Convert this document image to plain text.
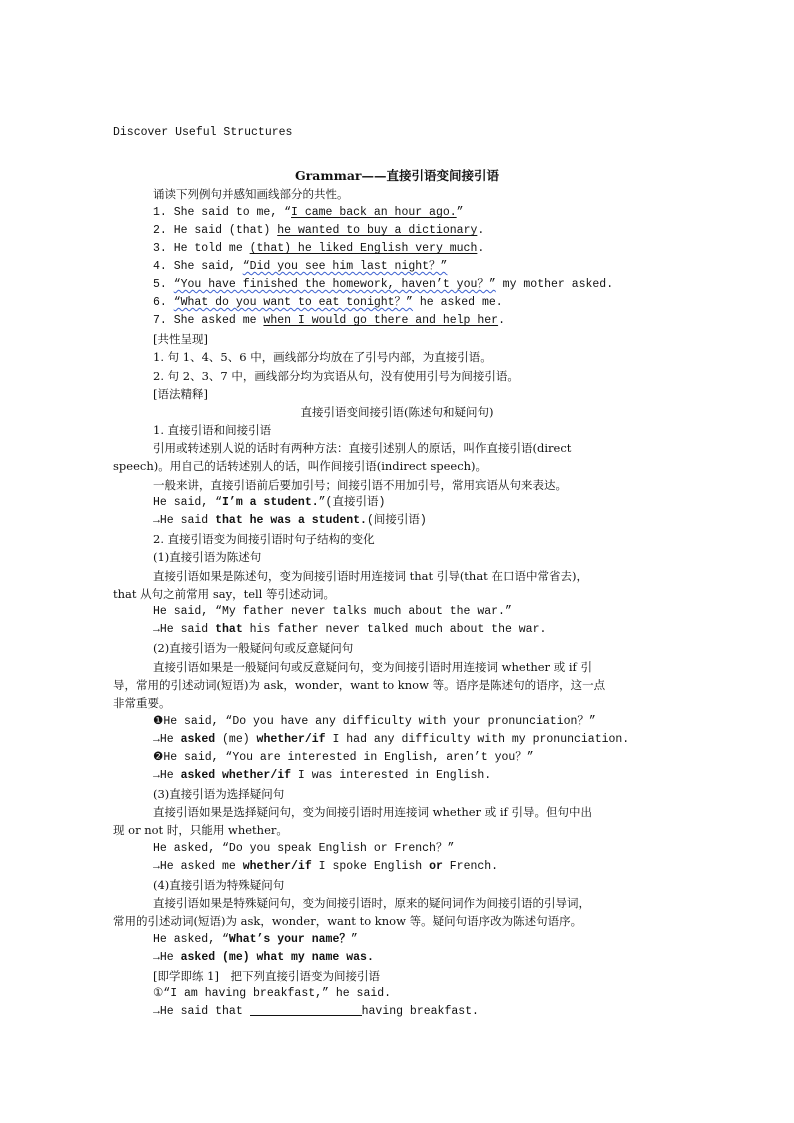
Discover Useful Structures
Grammar——直接引语变间接引语
诵读下列例句并感知画线部分的共性。
1. She said to me, “I came back an hour ago.”
2. He said (that) he wanted to buy a dictionary.
3. He told me (that) he liked English very much.
4. She said, “Did you see him last night？”
5. “You have finished the homework, haven’t you？” my mother asked.
6. “What do you want to eat tonight？” he asked me.
7. She asked me when I would go there and help her.
[共性呈现]
1. 句 1、4、5、6 中，画线部分均放在了引号内部，为直接引语。
2. 句 2、3、7 中，画线部分均为宾语从句，没有使用引号为间接引语。
[语法精释]
直接引语变间接引语(陈述句和疑问句)
1. 直接引语和间接引语
引用或转述别人说的话时有两种方法：直接引述别人的原话，叫作直接引语(direct
speech)。用自己的话转述别人的话，叫作间接引语(indirect speech)。
一般来讲，直接引语前后要加引号；间接引语不用加引号，常用宾语从句来表达。
He said, “I’m a student.”(直接引语)
→He said that he was a student.(间接引语)
2. 直接引语变为间接引语时句子结构的变化
(1)直接引语为陈述句
直接引语如果是陈述句，变为间接引语时用连接词 that 引导(that 在口语中常省去)，
that 从句之前常用 say，tell 等引述动词。
He said, “My father never talks much about the war.”
→He said that his father never talked much about the war.
(2)直接引语为一般疑问句或反意疑问句
直接引语如果是一般疑问句或反意疑问句，变为间接引语时用连接词 whether 或 if 引
导，常用的引述动词(短语)为 ask，wonder，want to know 等。语序是陈述句的语序，这一点
非常重要。
❶He said, “Do you have any difficulty with your pronunciation？”
→He asked (me) whether/if I had any difficulty with my pronunciation.
❷He said, “You are interested in English, aren’t you？”
→He asked whether/if I was interested in English.
(3)直接引语为选择疑问句
直接引语如果是选择疑问句，变为间接引语时用连接词 whether 或 if 引导。但句中出
现 or not 时，只能用 whether。
He asked, “Do you speak English or French？”
→He asked me whether/if I spoke English or French.
(4)直接引语为特殊疑问句
直接引语如果是特殊疑问句，变为间接引语时，原来的疑问词作为间接引语的引导词，
常用的引述动词(短语)为 ask，wonder，want to know 等。疑问句语序改为陈述句语序。
He asked, “What’s your name？”
→He asked (me) what my name was.
[即学即练 1]　把下列直接引语变为间接引语
①“I am having breakfast,” he said.
→He said that	having breakfast.
